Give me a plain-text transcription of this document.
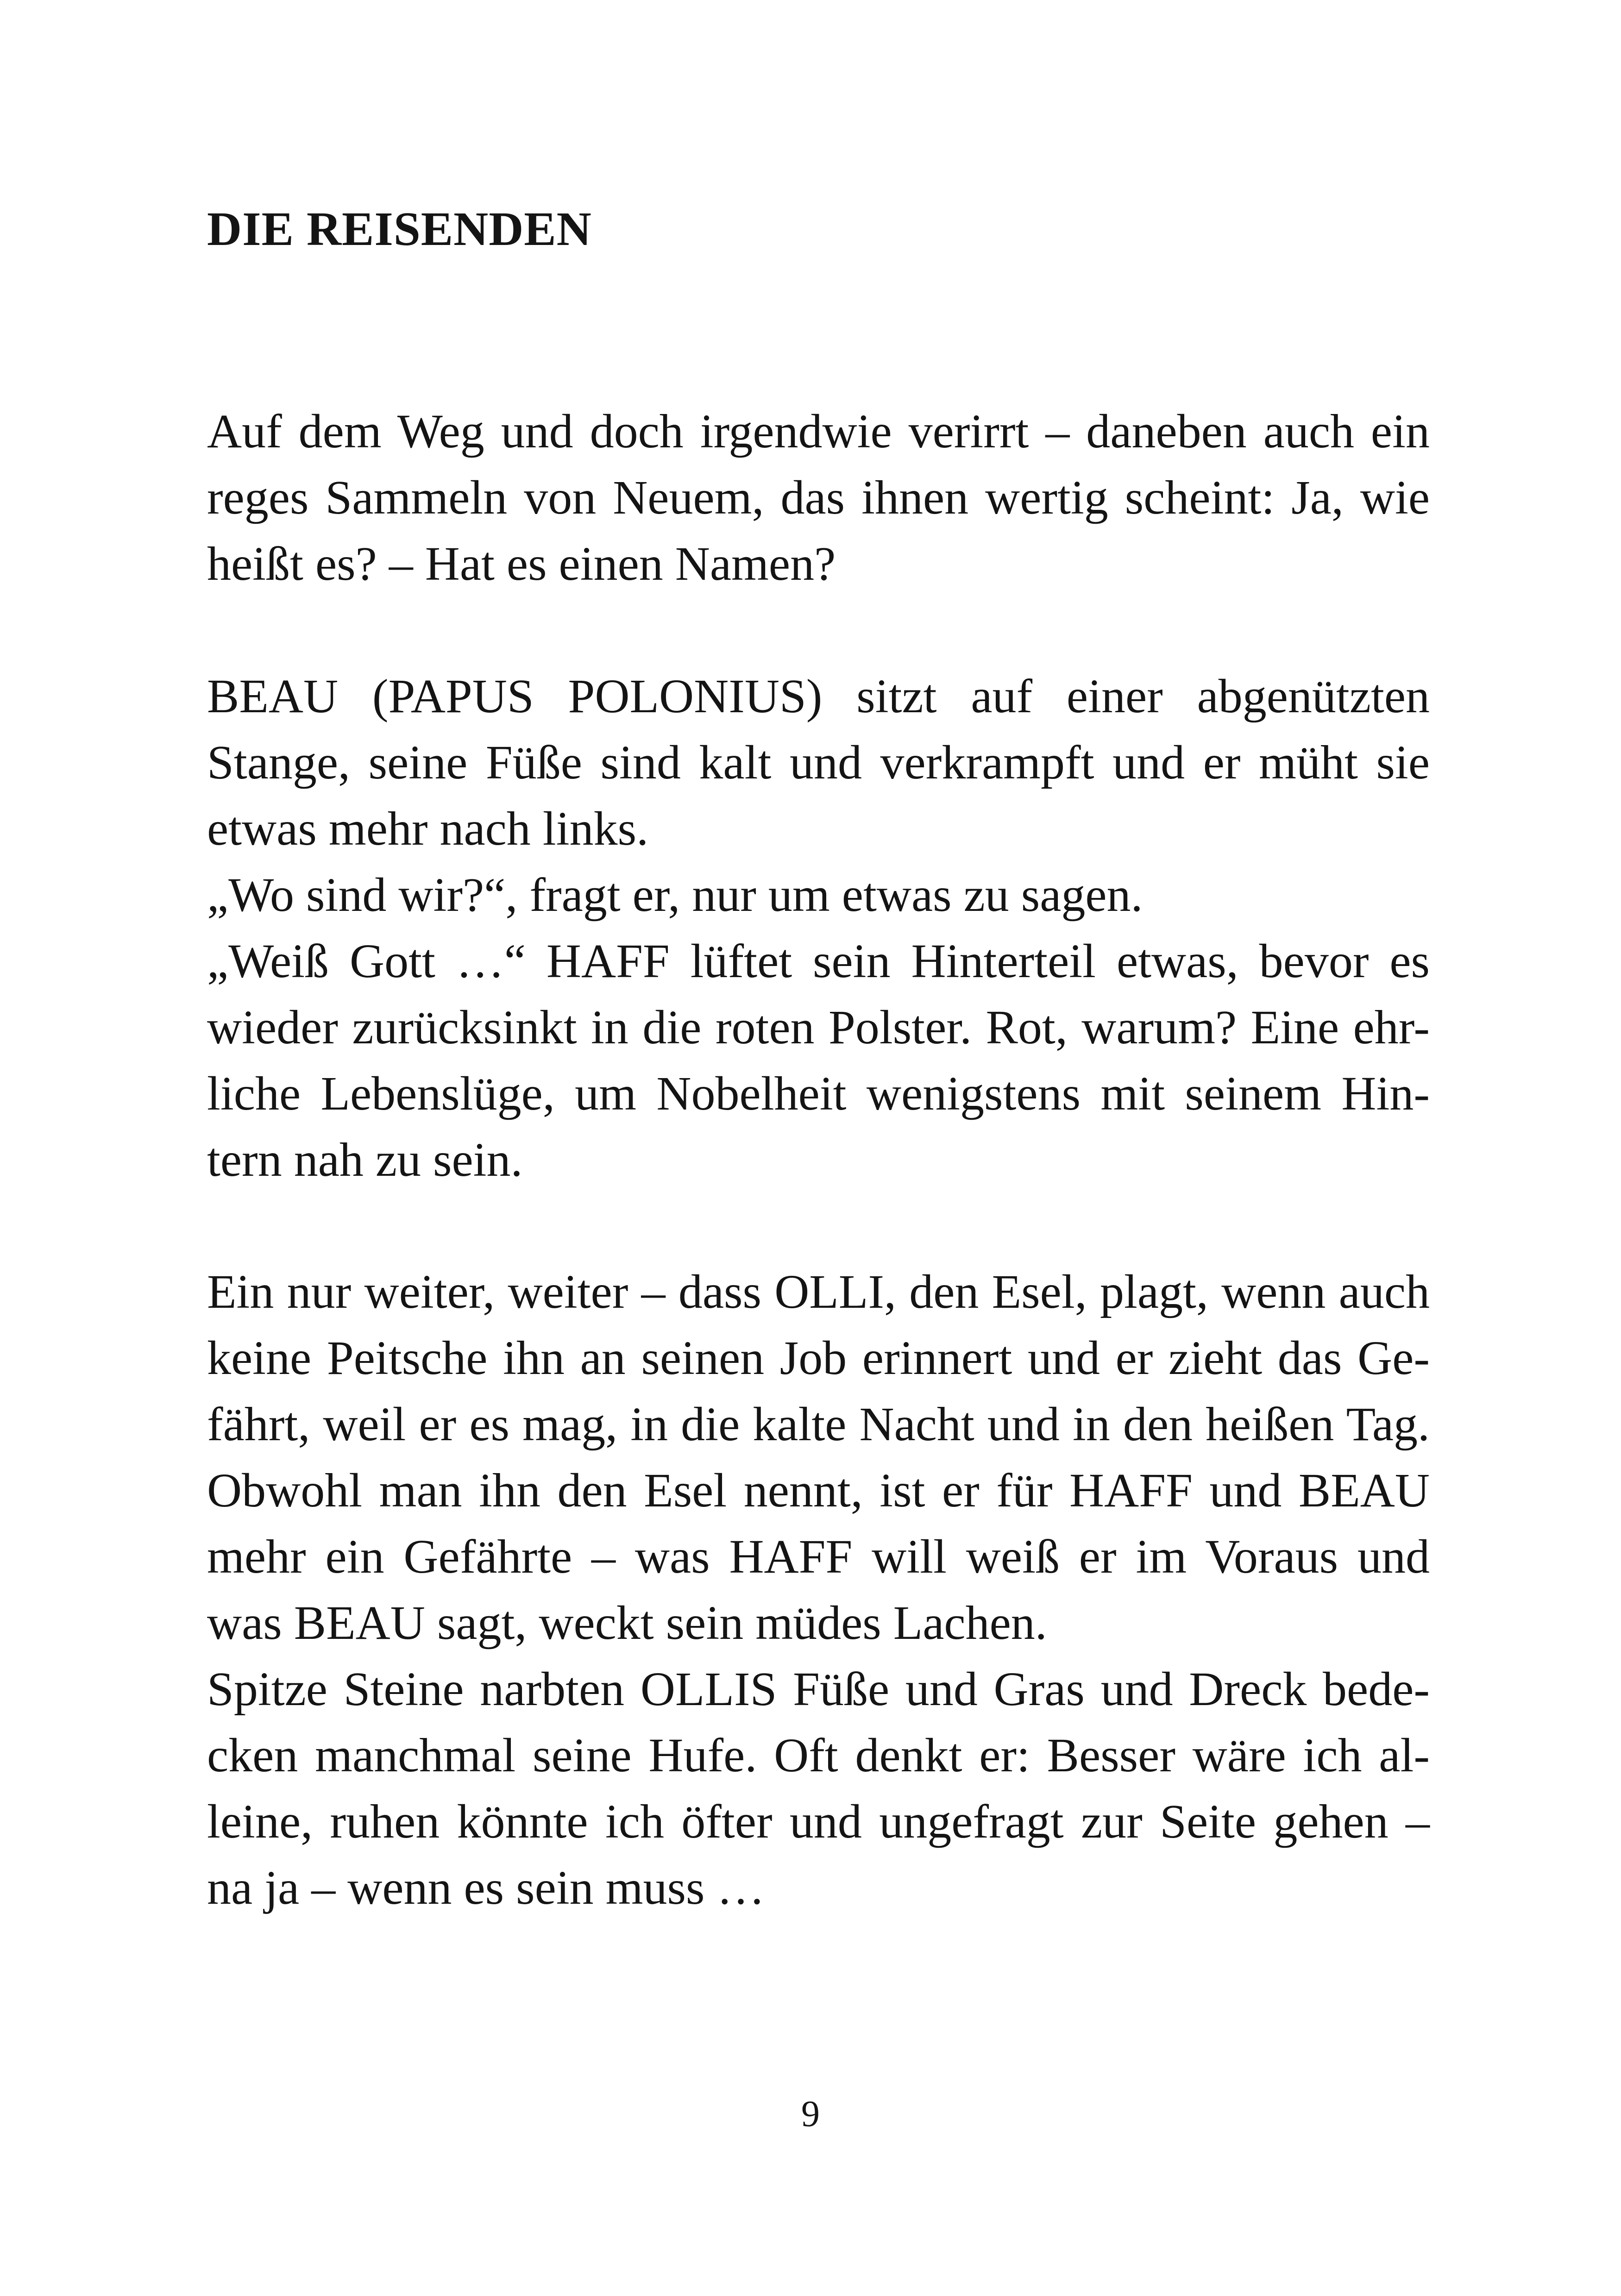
DIE REISENDEN
Auf dem Weg und doch irgendwie verirrt – daneben auch ein
reges Sammeln von Neuem, das ihnen wertig scheint: Ja, wie
heißt es? – Hat es einen Namen?
BEAU (PAPUS POLONIUS) sitzt auf einer abgenützten
Stange, seine Füße sind kalt und verkrampft und er müht sie
etwas mehr nach links.
„Wo sind wir?“, fragt er, nur um etwas zu sagen.
„Weiß Gott …“ HAFF lüftet sein Hinterteil etwas, bevor es
wieder zurücksinkt in die roten Polster. Rot, warum? Eine ehr-
liche Lebenslüge, um Nobelheit wenigstens mit seinem Hin-
tern nah zu sein.
Ein nur weiter, weiter – dass OLLI, den Esel, plagt, wenn auch
keine Peitsche ihn an seinen Job erinnert und er zieht das Ge-
fährt, weil er es mag, in die kalte Nacht und in den heißen Tag.
Obwohl man ihn den Esel nennt, ist er für HAFF und BEAU
mehr ein Gefährte – was HAFF will weiß er im Voraus und
was BEAU sagt, weckt sein müdes Lachen.
Spitze Steine narbten OLLIS Füße und Gras und Dreck bede-
cken manchmal seine Hufe. Oft denkt er: Besser wäre ich al-
leine, ruhen könnte ich öfter und ungefragt zur Seite gehen –
na ja – wenn es sein muss …
9
